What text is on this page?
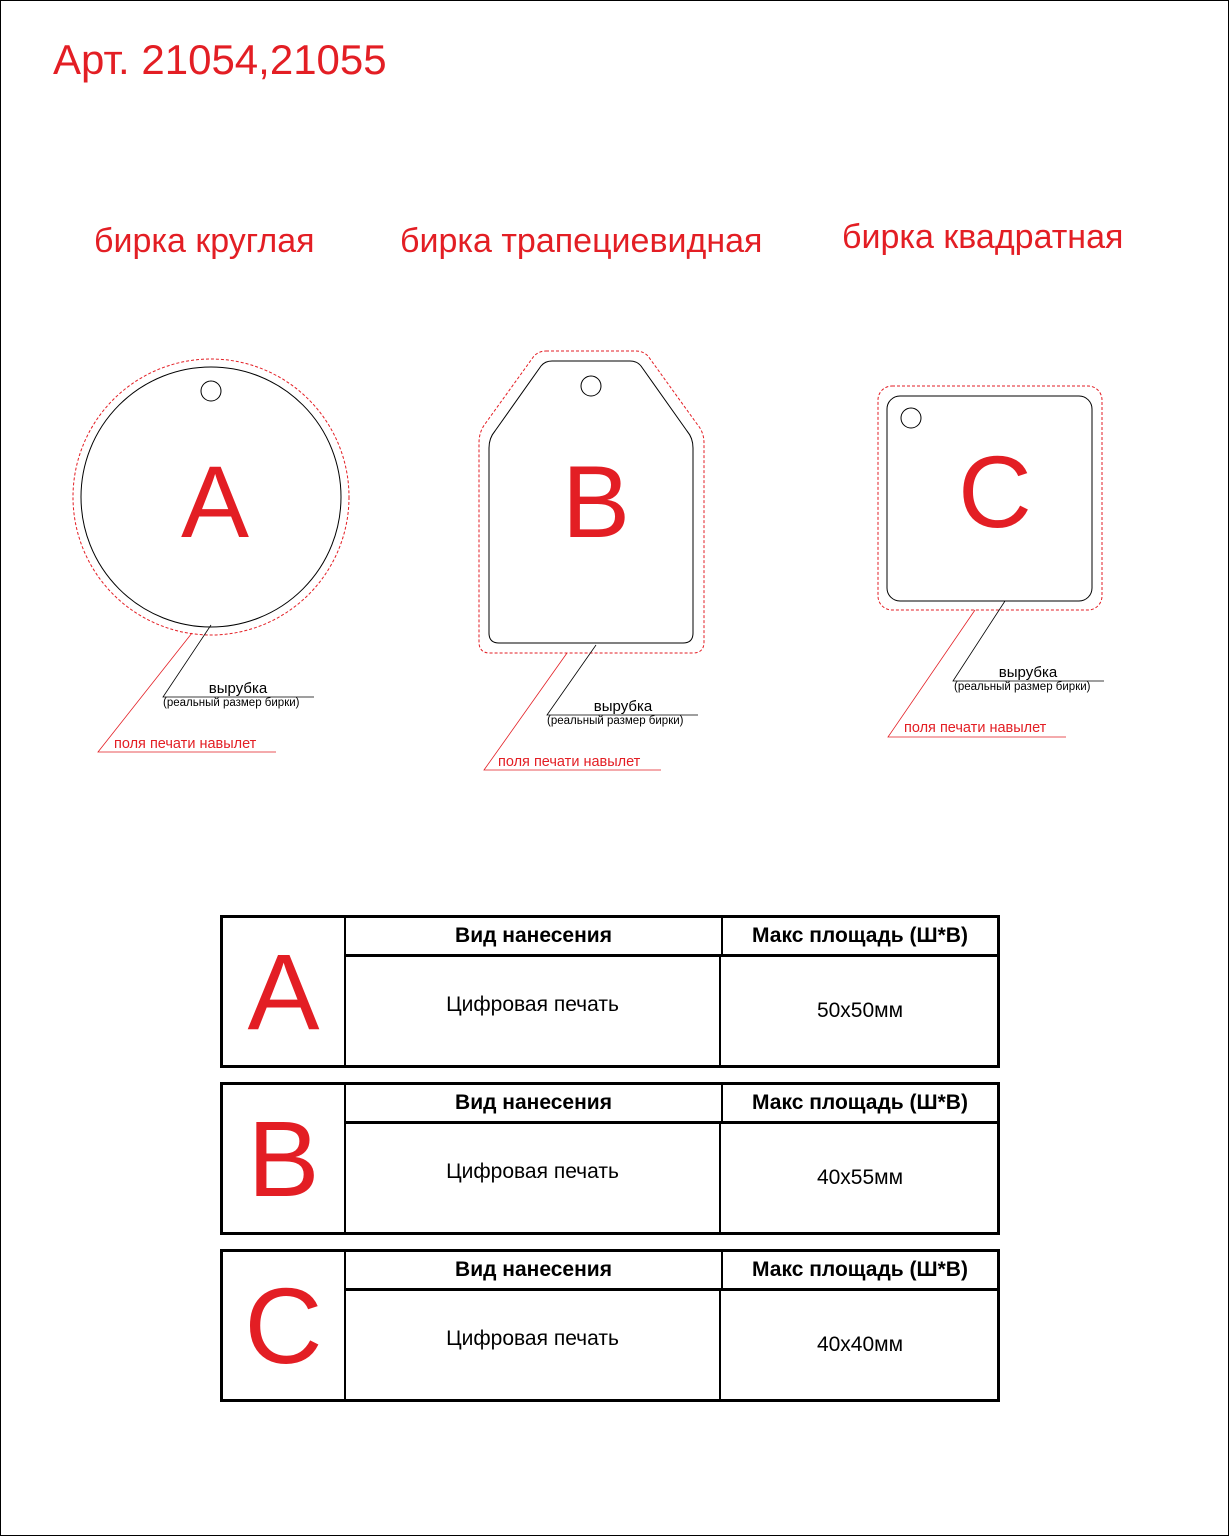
Арт. 21054,21055
бирка круглая	бирка трапециевидная бирка квадратная
A	B	C
вырубка
(реальный размер бирки)
поля печати навылет
вырубка
(реальный размер бирки)
поля печати навылет
вырубка
(реальный размер бирки)
поля печати навылет
A	Вид нанесения	Макс площадь (Ш*В)
Цифровая печать	50x50мм
B	Вид нанесения	Макс площадь (Ш*В)
Цифровая печать	40x55мм
C	Вид нанесения	Макс площадь (Ш*В)
Цифровая печать	40x40мм
